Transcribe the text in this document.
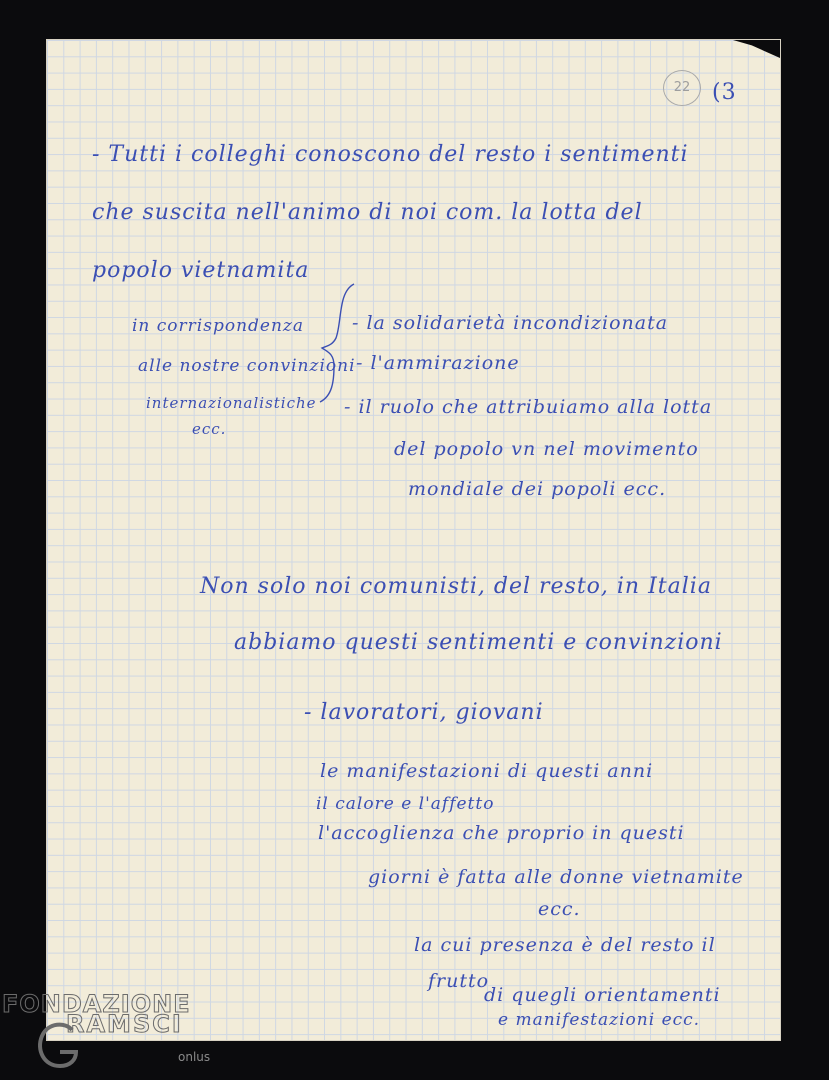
22 (3
- Tutti i colleghi conoscono del resto i sentimenti
che suscita nell'animo di noi com. la lotta del
popolo vietnamita
in corrispondenza
alle nostre convinzioni
internazionalistiche
ecc.
- la solidarietà incondizionata
- l'ammirazione
- il ruolo che attribuiamo alla lotta
del popolo vn nel movimento
mondiale dei popoli ecc.
Non solo noi comunisti, del resto, in Italia
abbiamo questi sentimenti e convinzioni
- lavoratori, giovani
le manifestazioni di questi anni
il calore e l'affetto
l'accoglienza che proprio in questi
giorni è fatta alle donne vietnamite
ecc.
la cui presenza è del resto il
frutto
di quegli orientamenti
e manifestazioni ecc.
FONDAZIONE
RAMSCI
onlus
